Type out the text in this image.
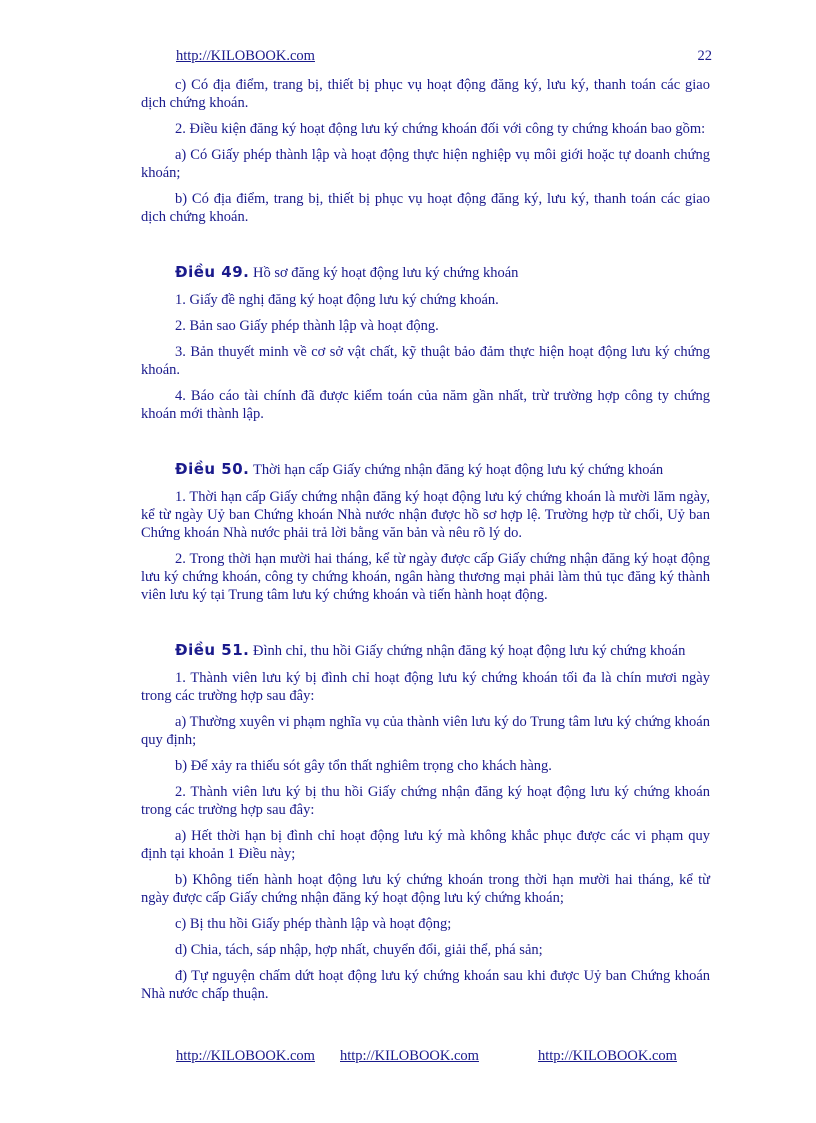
http://KILOBOOK.com	22

c) Có địa điểm, trang bị, thiết bị phục vụ hoạt động đăng ký, lưu ký, thanh toán các giao dịch chứng khoán.

2. Điều kiện đăng ký hoạt động lưu ký chứng khoán đối với công ty chứng khoán bao gồm:

a) Có Giấy phép thành lập và hoạt động thực hiện nghiệp vụ môi giới hoặc tự doanh chứng khoán;

b) Có địa điểm, trang bị, thiết bị phục vụ hoạt động đăng ký, lưu ký, thanh toán các giao dịch chứng khoán.

Điều 49. Hồ sơ đăng ký hoạt động lưu ký chứng khoán

1. Giấy đề nghị đăng ký hoạt động lưu ký chứng khoán.

2. Bản sao Giấy phép thành lập và hoạt động.

3. Bản thuyết minh về cơ sở vật chất, kỹ thuật bảo đảm thực hiện hoạt động lưu ký chứng khoán.

4. Báo cáo tài chính đã được kiểm toán của năm gần nhất, trừ trường hợp công ty chứng khoán mới thành lập.

Điều 50. Thời hạn cấp Giấy chứng nhận đăng ký hoạt động lưu ký chứng khoán

1. Thời hạn cấp Giấy chứng nhận đăng ký hoạt động lưu ký chứng khoán là mười lăm ngày, kể từ ngày Uỷ ban Chứng khoán Nhà nước nhận được hồ sơ hợp lệ. Trường hợp từ chối, Uỷ ban Chứng khoán Nhà nước phải trả lời bằng văn bản và nêu rõ lý do.

2. Trong thời hạn mười hai tháng, kể từ ngày được cấp Giấy chứng nhận đăng ký hoạt động lưu ký chứng khoán, công ty chứng khoán, ngân hàng thương mại phải làm thủ tục đăng ký thành viên lưu ký tại Trung tâm lưu ký chứng khoán và tiến hành hoạt động.

Điều 51. Đình chỉ, thu hồi Giấy chứng nhận đăng ký hoạt động lưu ký chứng khoán

1. Thành viên lưu ký bị đình chỉ hoạt động lưu ký chứng khoán tối đa là chín mươi ngày trong các trường hợp sau đây:

a) Thường xuyên vi phạm nghĩa vụ của thành viên lưu ký do Trung tâm lưu ký chứng khoán quy định;

b) Để xảy ra thiếu sót gây tổn thất nghiêm trọng cho khách hàng.

2. Thành viên lưu ký bị thu hồi Giấy chứng nhận đăng ký hoạt động lưu ký chứng khoán trong các trường hợp sau đây:

a) Hết thời hạn bị đình chỉ hoạt động lưu ký mà không khắc phục được các vi phạm quy định tại khoản 1 Điều này;

b) Không tiến hành hoạt động lưu ký chứng khoán trong thời hạn mười hai tháng, kể từ ngày được cấp Giấy chứng nhận đăng ký hoạt động lưu ký chứng khoán;

c) Bị thu hồi Giấy phép thành lập và hoạt động;

d) Chia, tách, sáp nhập, hợp nhất, chuyển đổi, giải thể, phá sản;

đ) Tự nguyện chấm dứt hoạt động lưu ký chứng khoán sau khi được Uỷ ban Chứng khoán Nhà nước chấp thuận.

http://KILOBOOK.com http://KILOBOOK.com	http://KILOBOOK.com
